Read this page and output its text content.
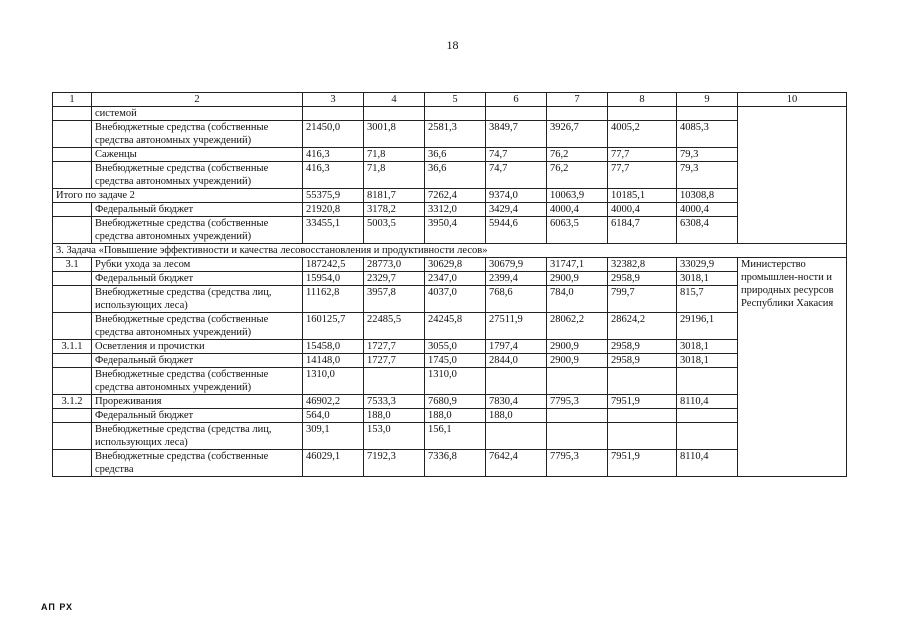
18
1	2	3	4	5	6	7	8	9	10
	системой								
	Внебюджетные средства (собственные средства автономных учреждений)	21450,0	3001,8	2581,3	3849,7	3926,7	4005,2	4085,3	
	Саженцы	416,3	71,8	36,6	74,7	76,2	77,7	79,3	
	Внебюджетные средства (собственные средства автономных учреждений)	416,3	71,8	36,6	74,7	76,2	77,7	79,3	
Итого по задаче 2		55375,9	8181,7	7262,4	9374,0	10063,9	10185,1	10308,8	
	Федеральный бюджет	21920,8	3178,2	3312,0	3429,4	4000,4	4000,4	4000,4	
	Внебюджетные средства (собственные средства автономных учреждений)	33455,1	5003,5	3950,4	5944,6	6063,5	6184,7	6308,4	
3. Задача «Повышение эффективности и качества лесовосстановления и продуктивности лесов»									
3.1	Рубки ухода за лесом	187242,5	28773,0	30629,8	30679,9	31747,1	32382,8	33029,9	Министерство промышлен-ности и природных ресурсов Республики Хакасия
	Федеральный бюджет	15954,0	2329,7	2347,0	2399,4	2900,9	2958,9	3018,1	
	Внебюджетные средства (средства лиц, использующих леса)	11162,8	3957,8	4037,0	768,6	784,0	799,7	815,7	
	Внебюджетные средства (собственные средства автономных учреждений)	160125,7	22485,5	24245,8	27511,9	28062,2	28624,2	29196,1	
3.1.1	Осветления и прочистки	15458,0	1727,7	3055,0	1797,4	2900,9	2958,9	3018,1	
	Федеральный бюджет	14148,0	1727,7	1745,0	2844,0	2900,9	2958,9	3018,1	
	Внебюджетные средства (собственные средства автономных учреждений)	1310,0		1310,0					
3.1.2	Прореживания	46902,2	7533,3	7680,9	7830,4	7795,3	7951,9	8110,4	
	Федеральный бюджет	564,0	188,0	188,0	188,0				
	Внебюджетные средства (средства лиц, использующих леса)	309,1	153,0	156,1					
	Внебюджетные средства (собственные средства	46029,1	7192,3	7336,8	7642,4	7795,3	7951,9	8110,4	
АП РХ
